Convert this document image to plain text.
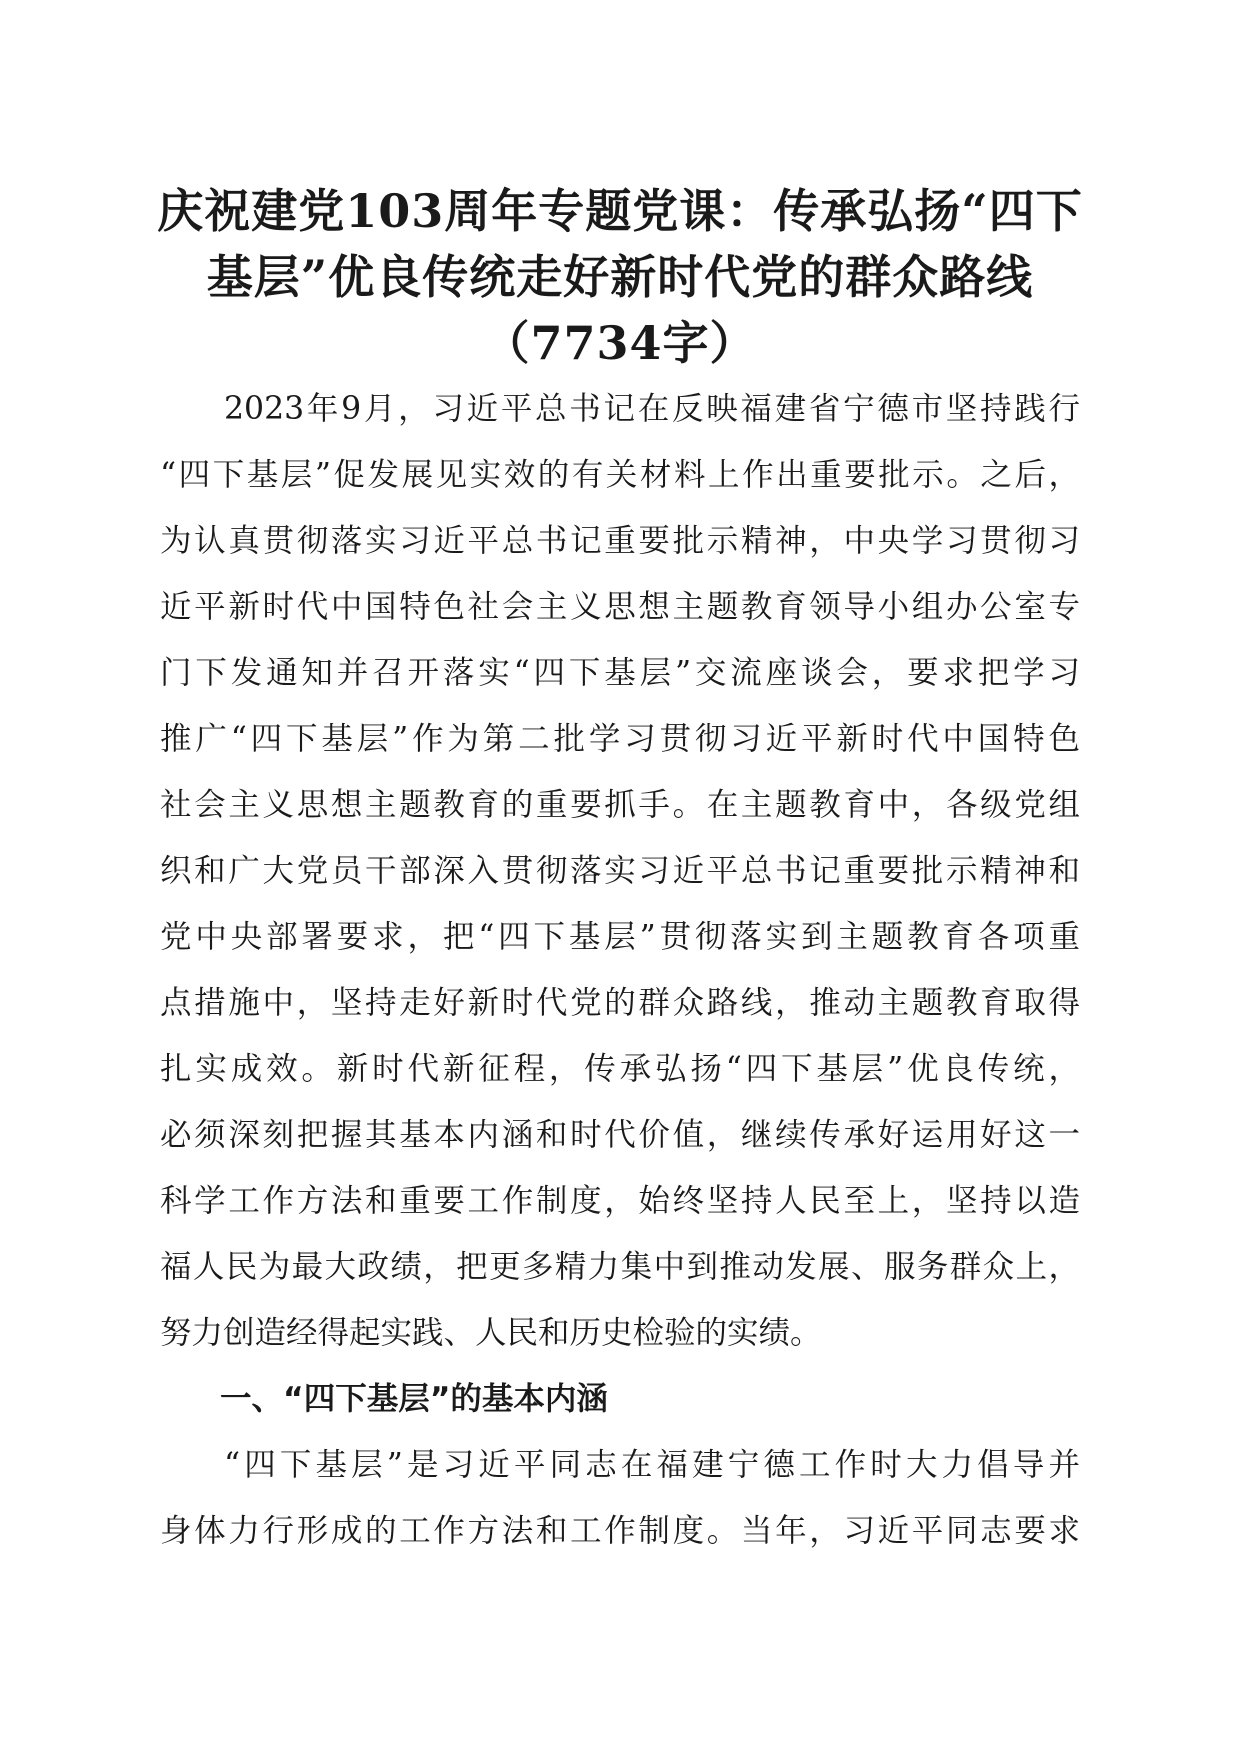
庆祝建党103周年专题党课：传承弘扬“四下
基层”优良传统走好新时代党的群众路线
（7734字）
2023年9月，习近平总书记在反映福建省宁德市坚持践行
“四下基层”促发展见实效的有关材料上作出重要批示。之后，
为认真贯彻落实习近平总书记重要批示精神，中央学习贯彻习
近平新时代中国特色社会主义思想主题教育领导小组办公室专
门下发通知并召开落实“四下基层”交流座谈会，要求把学习
推广“四下基层”作为第二批学习贯彻习近平新时代中国特色
社会主义思想主题教育的重要抓手。在主题教育中，各级党组
织和广大党员干部深入贯彻落实习近平总书记重要批示精神和
党中央部署要求，把“四下基层”贯彻落实到主题教育各项重
点措施中，坚持走好新时代党的群众路线，推动主题教育取得
扎实成效。新时代新征程，传承弘扬“四下基层”优良传统，
必须深刻把握其基本内涵和时代价值，继续传承好运用好这一
科学工作方法和重要工作制度，始终坚持人民至上，坚持以造
福人民为最大政绩，把更多精力集中到推动发展、服务群众上，
努力创造经得起实践、人民和历史检验的实绩。
一、“四下基层”的基本内涵
“四下基层”是习近平同志在福建宁德工作时大力倡导并
身体力行形成的工作方法和工作制度。当年，习近平同志要求
